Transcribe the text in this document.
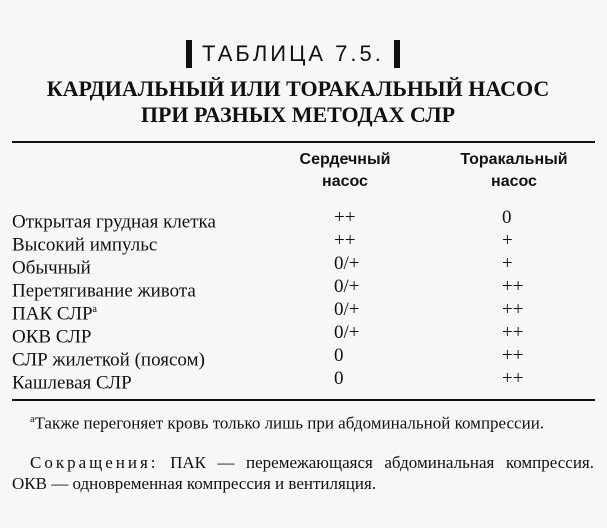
ТАБЛИЦА 7.5.
КАРДИАЛЬНЫЙ ИЛИ ТОРАКАЛЬНЫЙ НАСОС
ПРИ РАЗНЫХ МЕТОДАХ СЛР
Сердечный
насос
Торакальный
насос
Открытая грудная клетка	++	0
Высокий импульс	++	+
Обычный	0/+	+
Перетягивание живота	0/+	++
ПАК СЛР$^a$	0/+	++
ОКВ СЛР	0/+	++
СЛР жилеткой (поясом)	0	++
Кашлевая СЛР	0	++
$^a$Также перегоняет кровь только лишь при абдоминальной компрессии.
Сокращения: ПАК — перемежающаяся абдоминальная компрессия. ОКВ — одновременная компрессия и вентиляция.
